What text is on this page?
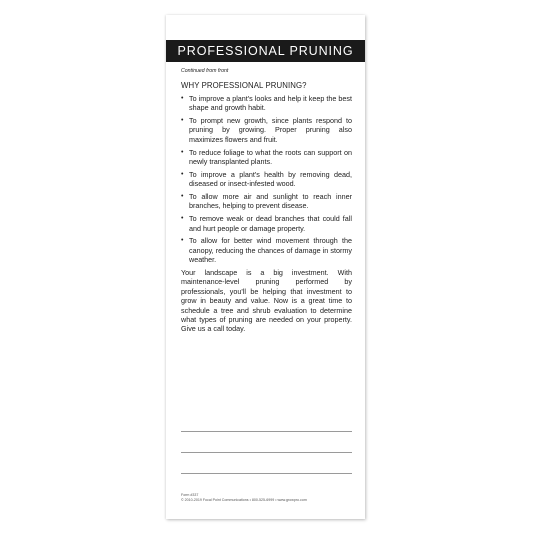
PROFESSIONAL PRUNING
Continued from front
WHY PROFESSIONAL PRUNING?
• To improve a plant's looks and help it keep the best shape and growth habit.
• To prompt new growth, since plants respond to pruning by growing. Proper pruning also maximizes flowers and fruit.
• To reduce foliage to what the roots can support on newly transplanted plants.
• To improve a plant's health by removing dead, diseased or insect-infested wood.
• To allow more air and sunlight to reach inner branches, helping to prevent disease.
• To remove weak or dead branches that could fall and hurt people or damage property.
• To allow for better wind movement through the canopy, reducing the chances of damage in stormy weather.

Your landscape is a big investment. With maintenance-level pruning performed by professionals, you'll be helping that investment to grow in beauty and value. Now is a great time to schedule a tree and shrub evaluation to determine what types of pruning are needed on your property. Give us a call today.

Form #337
© 2010-2019 Focal Point Communications • 800-525-6999 • www.growpro.com
